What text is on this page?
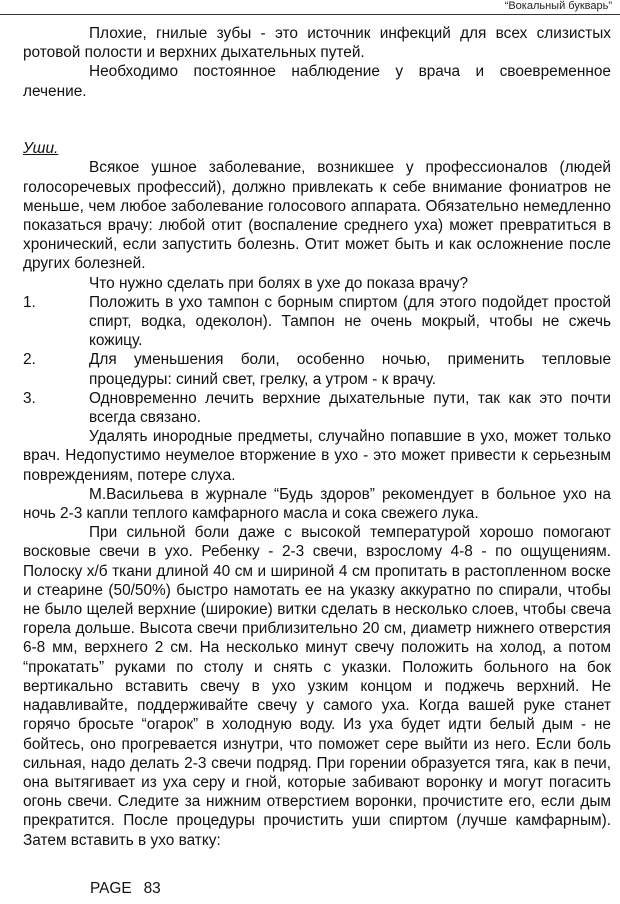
“Вокальный букварь”

Плохие, гнилые зубы - это источник инфекций для всех слизистых ротовой полости и верхних дыхательных путей.

Необходимо постоянное наблюдение у врача и своевременное лечение.

Уши.

Всякое ушное заболевание, возникшее у профессионалов (людей голосоречевых профессий), должно привлекать к себе внимание фониатров не меньше, чем любое заболевание голосового аппарата. Обязательно немедленно показаться врачу: любой отит (воспаление среднего уха) может превратиться в хронический, если запустить болезнь. Отит может быть и как осложнение после других болезней.

Что нужно сделать при болях в ухе до показа врачу?

1.	Положить в ухо тампон с борным спиртом (для этого подойдет простой спирт, водка, одеколон). Тампон не очень мокрый, чтобы не сжечь кожицу.
2.	Для уменьшения боли, особенно ночью, применить тепловые процедуры: синий свет, грелку, а утром - к врачу.
3.	Одновременно лечить верхние дыхательные пути, так как это почти всегда связано.

Удалять инородные предметы, случайно попавшие в ухо, может только врач. Недопустимо неумелое вторжение в ухо - это может привести к серьезным повреждениям, потере слуха.

М.Васильева в журнале “Будь здоров” рекомендует в больное ухо на ночь 2-3 капли теплого камфарного масла и сока свежего лука.

При сильной боли даже с высокой температурой хорошо помогают восковые свечи в ухо. Ребенку - 2-3 свечи, взрослому 4-8 - по ощущениям. Полоску х/б ткани длиной 40 см и шириной 4 см пропитать в растопленном воске и стеарине (50/50%) быстро намотать ее на указку аккуратно по спирали, чтобы не было щелей верхние (широкие) витки сделать в несколько слоев, чтобы свеча горела дольше. Высота свечи приблизительно 20 см, диаметр нижнего отверстия 6-8 мм, верхнего 2 см. На несколько минут свечу положить на холод, а потом “прокатать” руками по столу и снять с указки. Положить больного на бок вертикально вставить свечу в ухо узким концом и поджечь верхний. Не надавливайте, поддерживайте свечу у самого уха. Когда вашей руке станет горячо бросьте “огарок” в холодную воду. Из уха будет идти белый дым - не бойтесь, оно прогревается изнутри, что поможет сере выйти из него. Если боль сильная, надо делать 2-3 свечи подряд. При горении образуется тяга, как в печи, она вытягивает из уха серу и гной, которые забивают воронку и могут погасить огонь свечи. Следите за нижним отверстием воронки, прочистите его, если дым прекратится. После процедуры прочистить уши спиртом (лучше камфарным). Затем вставить в ухо ватку:

PAGE 83
